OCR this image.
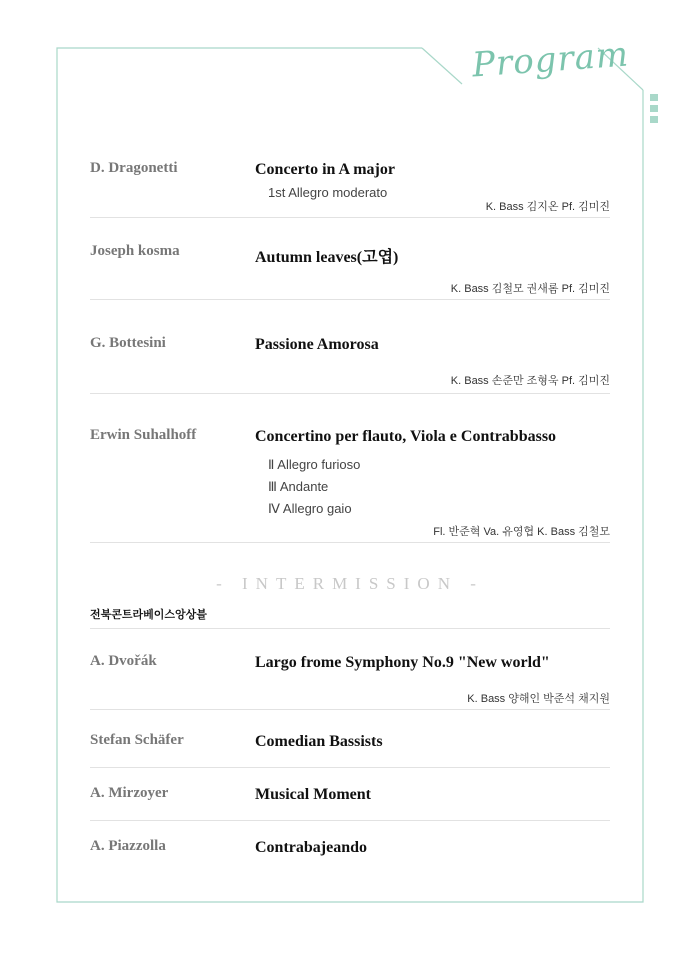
Program
D. Dragonetti	Concerto in A major
1st Allegro moderato
K. Bass 김지온 Pf. 김미진
Joseph kosma	Autumn leaves(고엽)
K. Bass 김철모 권새롬 Pf. 김미진
G. Bottesini	Passione Amorosa
K. Bass 손준만 조형욱 Pf. 김미진
Erwin Suhalhoff	Concertino per flauto, Viola e Contrabbasso
Ⅱ Allegro furioso
Ⅲ Andante
Ⅳ Allegro gaio
Fl. 반준혁 Va. 유영협 K. Bass 김철모
- INTERMISSION -
전북콘트라베이스앙상블
A. Dvořák	Largo frome Symphony No.9 "New world"
K. Bass 양해인 박준석 채지원
Stefan Schäfer	Comedian Bassists
A. Mirzoyer	Musical Moment
A. Piazzolla	Contrabajeando
